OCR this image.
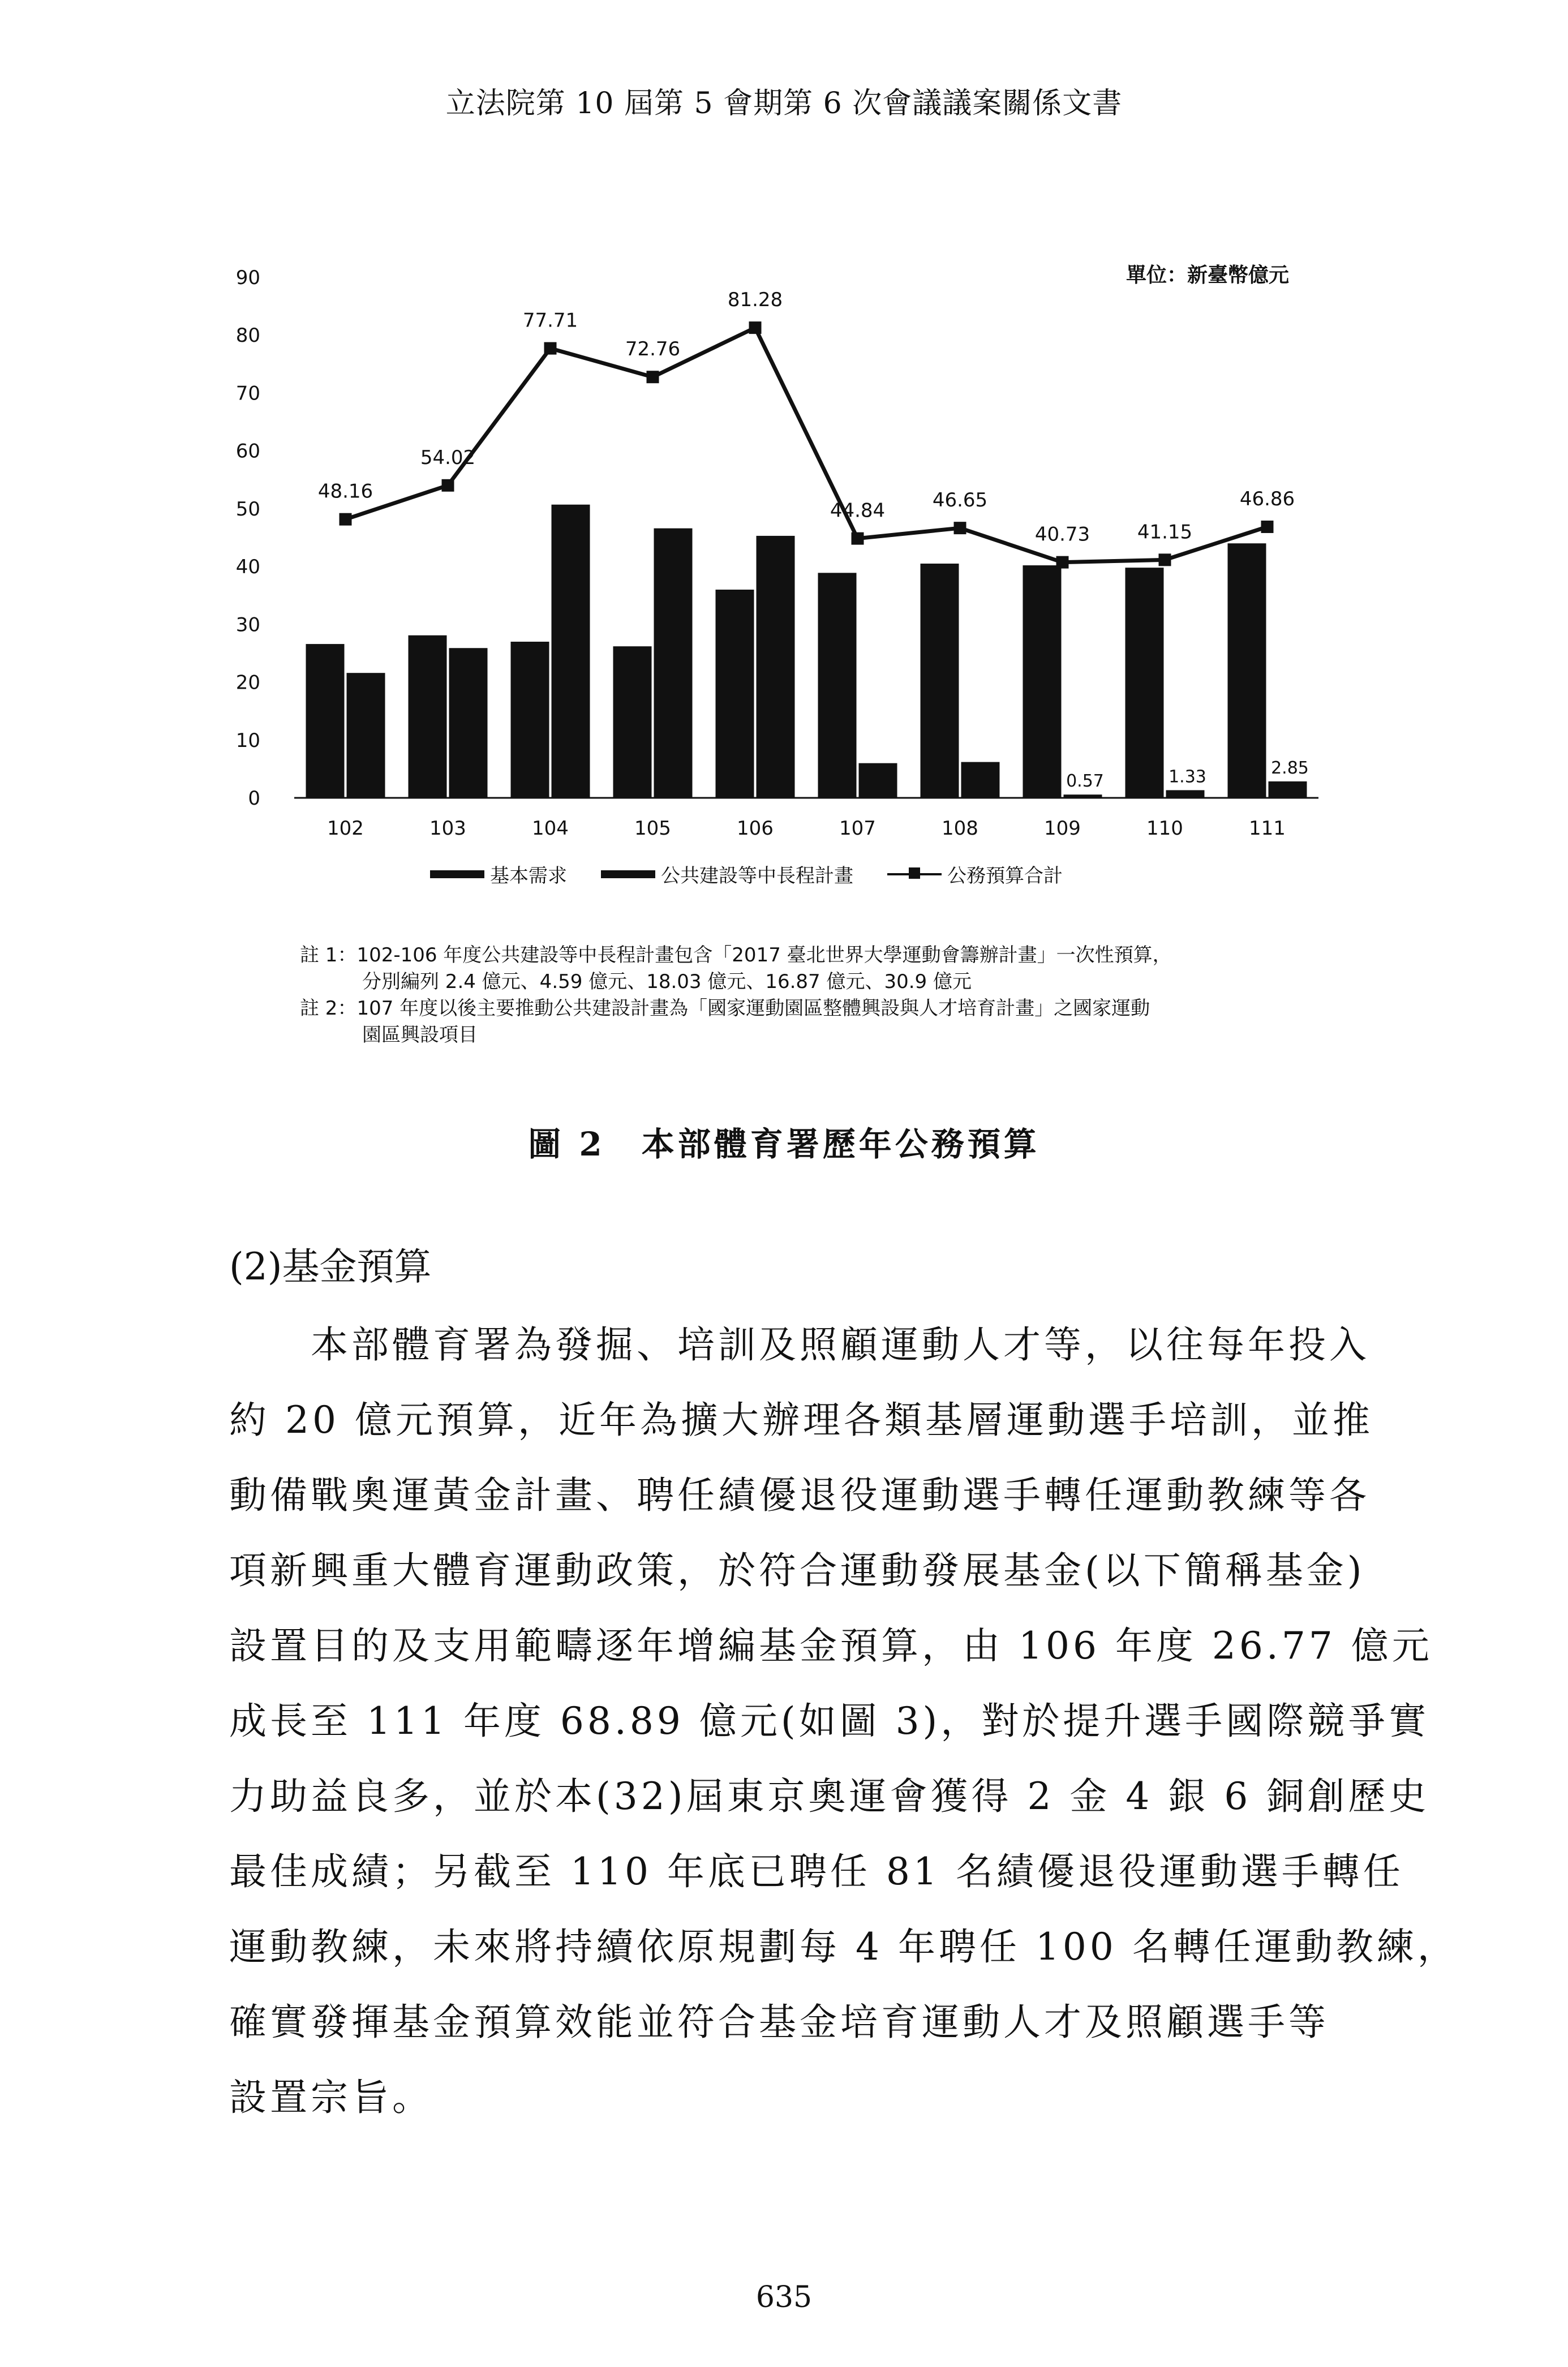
立法院第 10 屆第 5 會期第 6 次會議議案關係文書
單位：新臺幣億元
0
10
20
30
40
50
60
70
80
90
102	103	104	105	106	107	108	109	110	111
0.57	1.33	2.85
48.16
54.02
77.71
72.76
81.28
44.84 46.65
40.73 41.15
46.86
基本需求	公共建設等中長程計畫	公務預算合計

註 1：102-106 年度公共建設等中長程計畫包含「2017 臺北世界大學運動會籌辦計畫」一次性預算，

分別編列 2.4 億元、4.59 億元、18.03 億元、16.87 億元、30.9 億元

註 2：107 年度以後主要推動公共建設計畫為「國家運動園區整體興設與人才培育計畫」之國家運動

園區興設項目

圖 2　本部體育署歷年公務預算
(2)基金預算
　　本部體育署為發掘、培訓及照顧運動人才等，以往每年投入
約 20 億元預算，近年為擴大辦理各類基層運動選手培訓，並推
動備戰奧運黃金計畫、聘任績優退役運動選手轉任運動教練等各
項新興重大體育運動政策，於符合運動發展基金(以下簡稱基金)
設置目的及支用範疇逐年增編基金預算，由 106 年度 26.77 億元
成長至 111 年度 68.89 億元(如圖 3)，對於提升選手國際競爭實
力助益良多，並於本(32)屆東京奧運會獲得 2 金 4 銀 6 銅創歷史
最佳成績；另截至 110 年底已聘任 81 名績優退役運動選手轉任
運動教練，未來將持續依原規劃每 4 年聘任 100 名轉任運動教練，
確實發揮基金預算效能並符合基金培育運動人才及照顧選手等
設置宗旨。
635
